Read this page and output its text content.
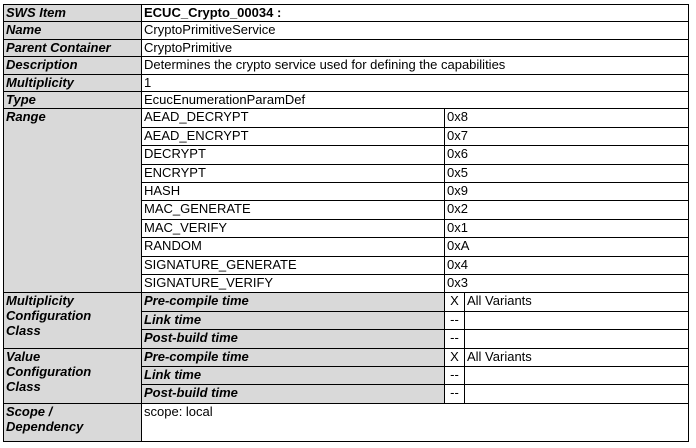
SWS Item	ECUC_Crypto_00034 :		
Name	CryptoPrimitiveService		
Parent Container	CryptoPrimitive		
Description	Determines the crypto service used for defining the capabilities		
Multiplicity	1		
Type	EcucEnumerationParamDef		
Range	AEAD_DECRYPT	0x8	
	AEAD_ENCRYPT	0x7	
	DECRYPT	0x6	
	ENCRYPT	0x5	
	HASH	0x9	
	MAC_GENERATE	0x2	
	MAC_VERIFY	0x1	
	RANDOM	0xA	
	SIGNATURE_GENERATE	0x4	
	SIGNATURE_VERIFY	0x3	
Multiplicity
Configuration
Class	Pre-compile time	X	All Variants
	Link time	--	
	Post-build time	--	
Value
Configuration
Class	Pre-compile time	X	All Variants
	Link time	--	
	Post-build time	--	
Scope /
Dependency	scope: local		
